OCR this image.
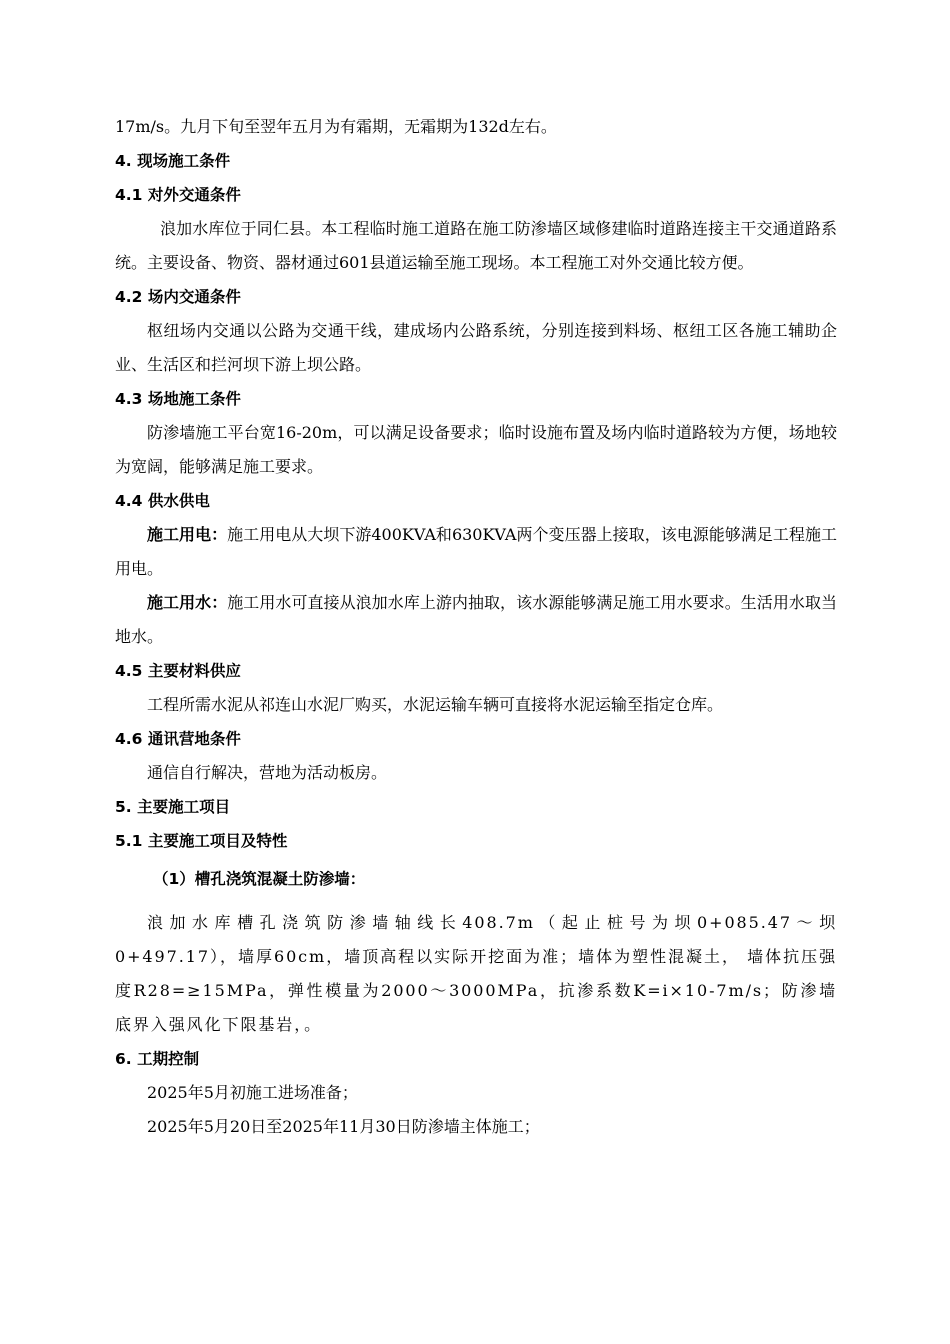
17m/s。九月下旬至翌年五月为有霜期，无霜期为132d左右。

4. 现场施工条件

4.1 对外交通条件

浪加水库位于同仁县。本工程临时施工道路在施工防渗墙区域修建临时道路连接主干交通道路系统。主要设备、物资、器材通过601县道运输至施工现场。本工程施工对外交通比较方便。

4.2 场内交通条件

枢纽场内交通以公路为交通干线，建成场内公路系统，分别连接到料场、枢纽工区各施工辅助企业、生活区和拦河坝下游上坝公路。

4.3 场地施工条件

防渗墙施工平台宽16-20m，可以满足设备要求；临时设施布置及场内临时道路较为方便，场地较为宽阔，能够满足施工要求。

4.4 供水供电

施工用电：施工用电从大坝下游400KVA和630KVA两个变压器上接取，该电源能够满足工程施工用电。

施工用水：施工用水可直接从浪加水库上游内抽取，该水源能够满足施工用水要求。生活用水取当地水。

4.5 主要材料供应

工程所需水泥从祁连山水泥厂购买，水泥运输车辆可直接将水泥运输至指定仓库。

4.6 通讯营地条件

通信自行解决，营地为活动板房。

5. 主要施工项目

5.1 主要施工项目及特性

（1）槽孔浇筑混凝土防渗墙：

浪加水库槽孔浇筑防渗墙轴线长408.7m（起止桩号为坝0+085.47～坝0+497.17），墙厚60cm，墙顶高程以实际开挖面为准；墙体为塑性混凝土， 墙体抗压强度R28=≥15MPa，弹性模量为2000～3000MPa，抗渗系数K=i×10-7m/s；防渗墙底界入强风化下限基岩，。

6. 工期控制

2025年5月初施工进场准备；

2025年5月20日至2025年11月30日防渗墙主体施工；
